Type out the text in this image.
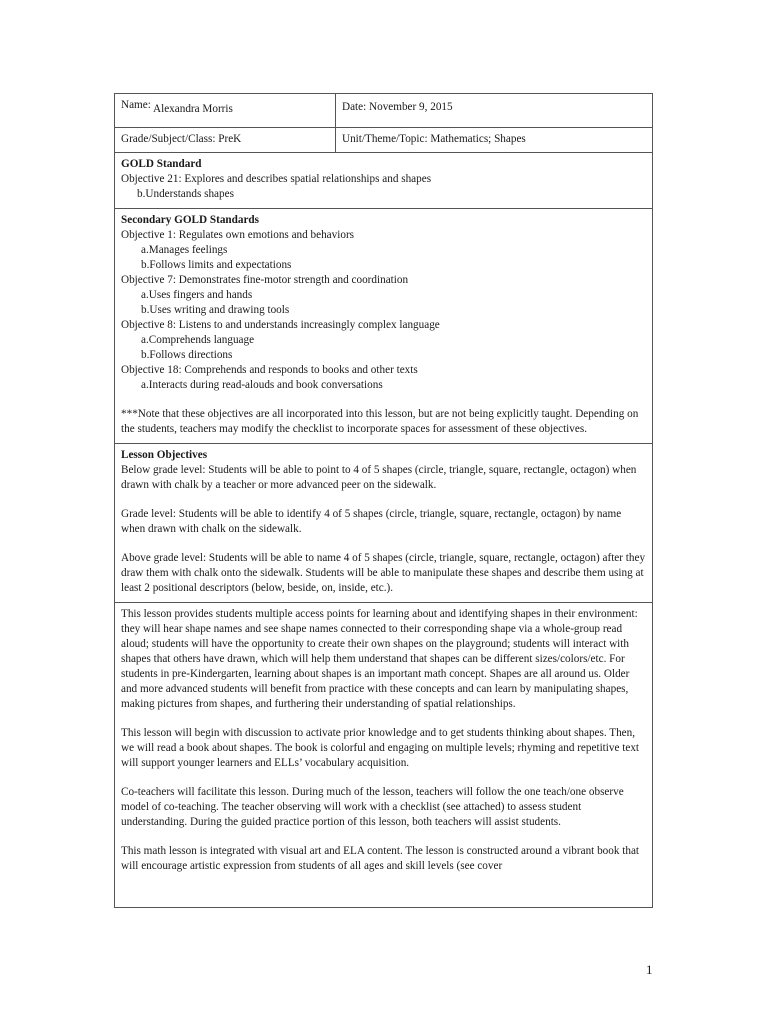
Name: Alexandra Morris	Date: November 9, 2015
Grade/Subject/Class: PreK	Unit/Theme/Topic: Mathematics; Shapes
GOLD Standard
Objective 21: Explores and describes spatial relationships and shapes
b.Understands shapes
Secondary GOLD Standards
Objective 1: Regulates own emotions and behaviors
a.Manages feelings
b.Follows limits and expectations
Objective 7: Demonstrates fine-motor strength and coordination
a.Uses fingers and hands
b.Uses writing and drawing tools
Objective 8: Listens to and understands increasingly complex language
a.Comprehends language
b.Follows directions
Objective 18: Comprehends and responds to books and other texts
a.Interacts during read-alouds and book conversations

***Note that these objectives are all incorporated into this lesson, but are not being explicitly taught. Depending on the students, teachers may modify the checklist to incorporate spaces for assessment of these objectives.

Lesson Objectives

Below grade level: Students will be able to point to 4 of 5 shapes (circle, triangle, square, rectangle, octagon) when drawn with chalk by a teacher or more advanced peer on the sidewalk.

Grade level: Students will be able to identify 4 of 5 shapes (circle, triangle, square, rectangle, octagon) by name when drawn with chalk on the sidewalk.

Above grade level: Students will be able to name 4 of 5 shapes (circle, triangle, square, rectangle, octagon) after they draw them with chalk onto the sidewalk. Students will be able to manipulate these shapes and describe them using at least 2 positional descriptors (below, beside, on, inside, etc.).

This lesson provides students multiple access points for learning about and identifying shapes in their environment: they will hear shape names and see shape names connected to their corresponding shape via a whole-group read aloud; students will have the opportunity to create their own shapes on the playground; students will interact with shapes that others have drawn, which will help them understand that shapes can be different sizes/colors/etc. For students in pre-Kindergarten, learning about shapes is an important math concept. Shapes are all around us. Older and more advanced students will benefit from practice with these concepts and can learn by manipulating shapes, making pictures from shapes, and furthering their understanding of spatial relationships.

This lesson will begin with discussion to activate prior knowledge and to get students thinking about shapes. Then, we will read a book about shapes. The book is colorful and engaging on multiple levels; rhyming and repetitive text will support younger learners and ELLs’ vocabulary acquisition.

Co-teachers will facilitate this lesson. During much of the lesson, teachers will follow the one teach/one observe model of co-teaching. The teacher observing will work with a checklist (see attached) to assess student understanding. During the guided practice portion of this lesson, both teachers will assist students.

This math lesson is integrated with visual art and ELA content. The lesson is constructed around a vibrant book that will encourage artistic expression from students of all ages and skill levels (see cover

1
